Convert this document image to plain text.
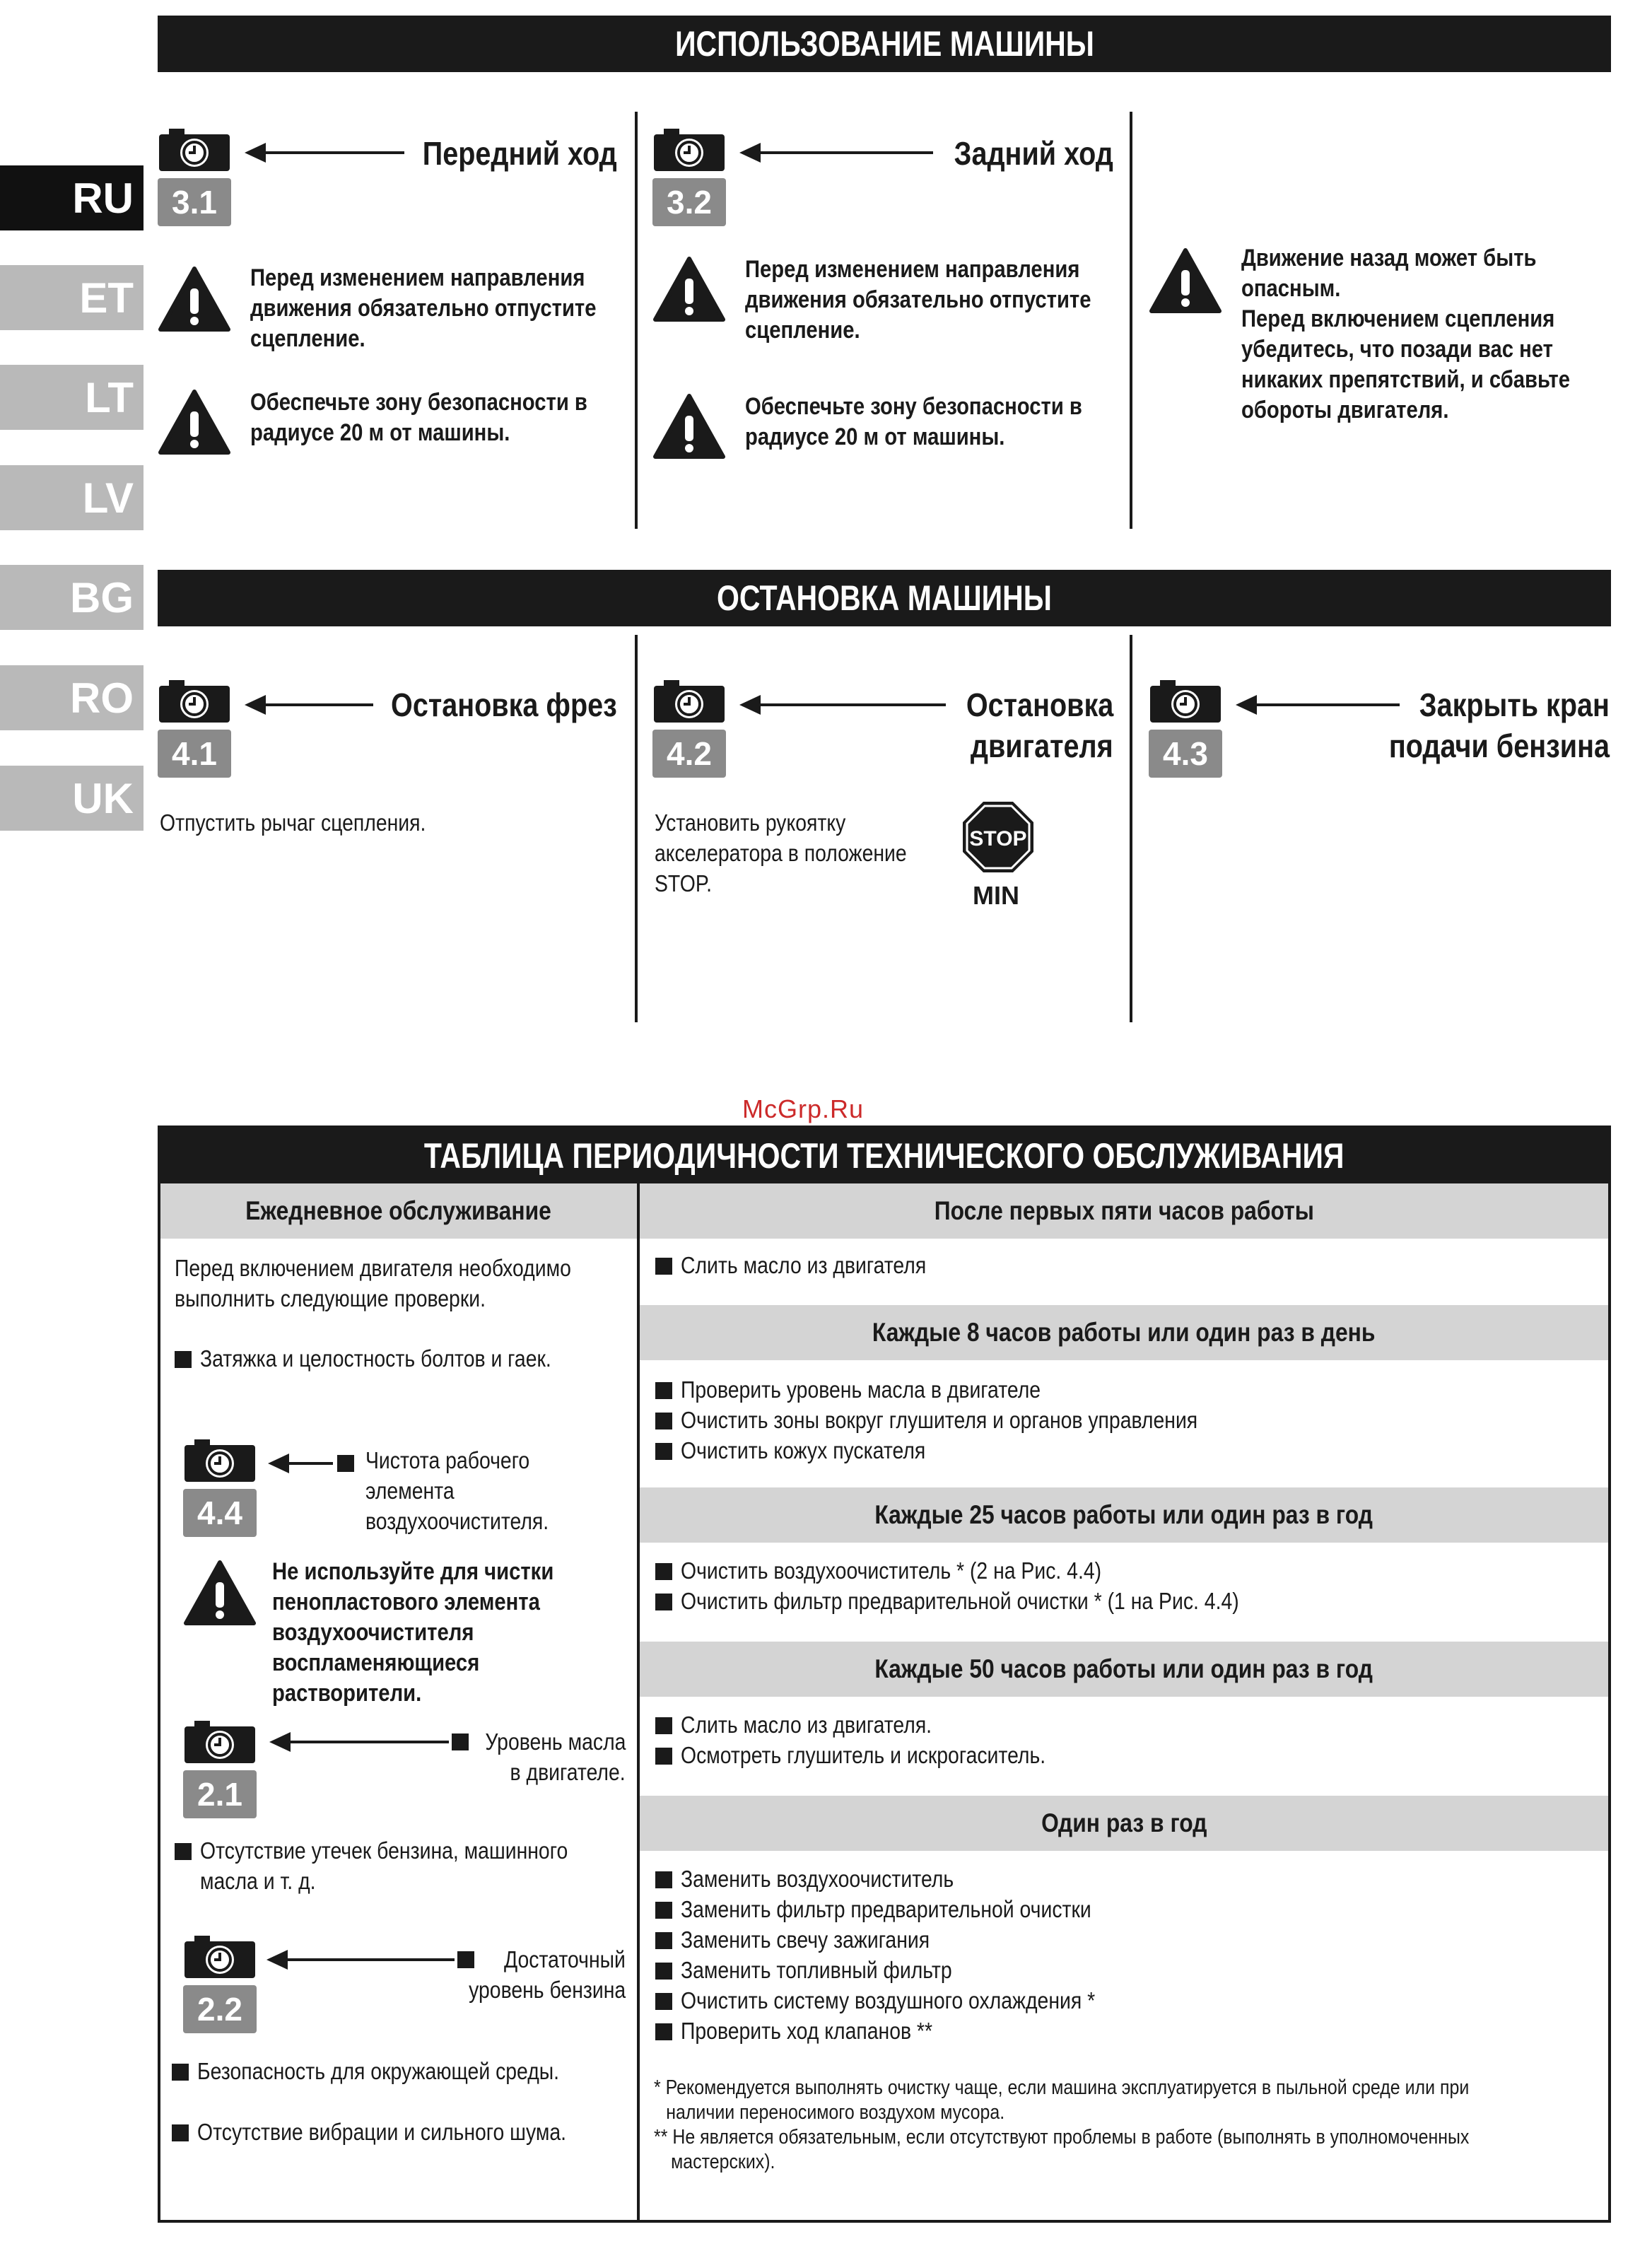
RU
ET
LT
LV
BG
RO
UK
ИСПОЛЬЗОВАНИЕ МАШИНЫ
3.1
Передний ход
Перед изменением направления
движения обязательно отпустите
сцепление.
Обеспечьте зону безопасности в
радиусе 20 м от машины.
3.2
Задний ход
Перед изменением направления
движения обязательно отпустите
сцепление.
Обеспечьте зону безопасности в
радиусе 20 м от машины.
Движение назад может быть
опасным.
Перед включением сцепления
убедитесь, что позади вас нет
никаких препятствий, и сбавьте
обороты двигателя.
ОСТАНОВКА МАШИНЫ
4.1
Остановка фрез
Отпустить рычаг сцепления.
4.2
Остановка
двигателя
Установить рукоятку
акселератора в положение
STOP.
STOP
MIN
4.3
Закрыть кран
подачи бензина
McGrp.Ru
ТАБЛИЦА ПЕРИОДИЧНОСТИ ТЕХНИЧЕСКОГО ОБСЛУЖИВАНИЯ
Ежедневное обслуживание
Перед включением двигателя необходимо
выполнить следующие проверки.
Затяжка и целостность болтов и гаек.
4.4
Чистота рабочего
элемента
воздухоочистителя.
Не используйте для чистки
пенопластового элемента
воздухоочистителя
воспламеняющиеся
растворители.
2.1
Уровень масла
в двигателе.
Отсутствие утечек бензина, машинного
масла и т. д.
2.2
Достаточный
уровень бензина
Безопасность для окружающей среды.
Отсутствие вибрации и сильного шума.
После первых пяти часов работы
Слить масло из двигателя
Каждые 8 часов работы или один раз в день
Проверить уровень масла в двигателе
Очистить зоны вокруг глушителя и органов управления
Очистить кожух пускателя
Каждые 25 часов работы или один раз в год
Очистить воздухоочиститель * (2 на Рис. 4.4)
Очистить фильтр предварительной очистки * (1 на Рис. 4.4)
Каждые 50 часов работы или один раз в год
Слить масло из двигателя.
Осмотреть глушитель и искрогаситель.
Один раз в год
Заменить воздухоочиститель
Заменить фильтр предварительной очистки
Заменить свечу зажигания
Заменить топливный фильтр
Очистить систему воздушного охлаждения *
Проверить ход клапанов **
* Рекомендуется выполнять очистку чаще, если машина эксплуатируется в пыльной среде или при
наличии переносимого воздухом мусора.
** Не является обязательным, если отсутствуют проблемы в работе (выполнять в уполномоченных
мастерских).
